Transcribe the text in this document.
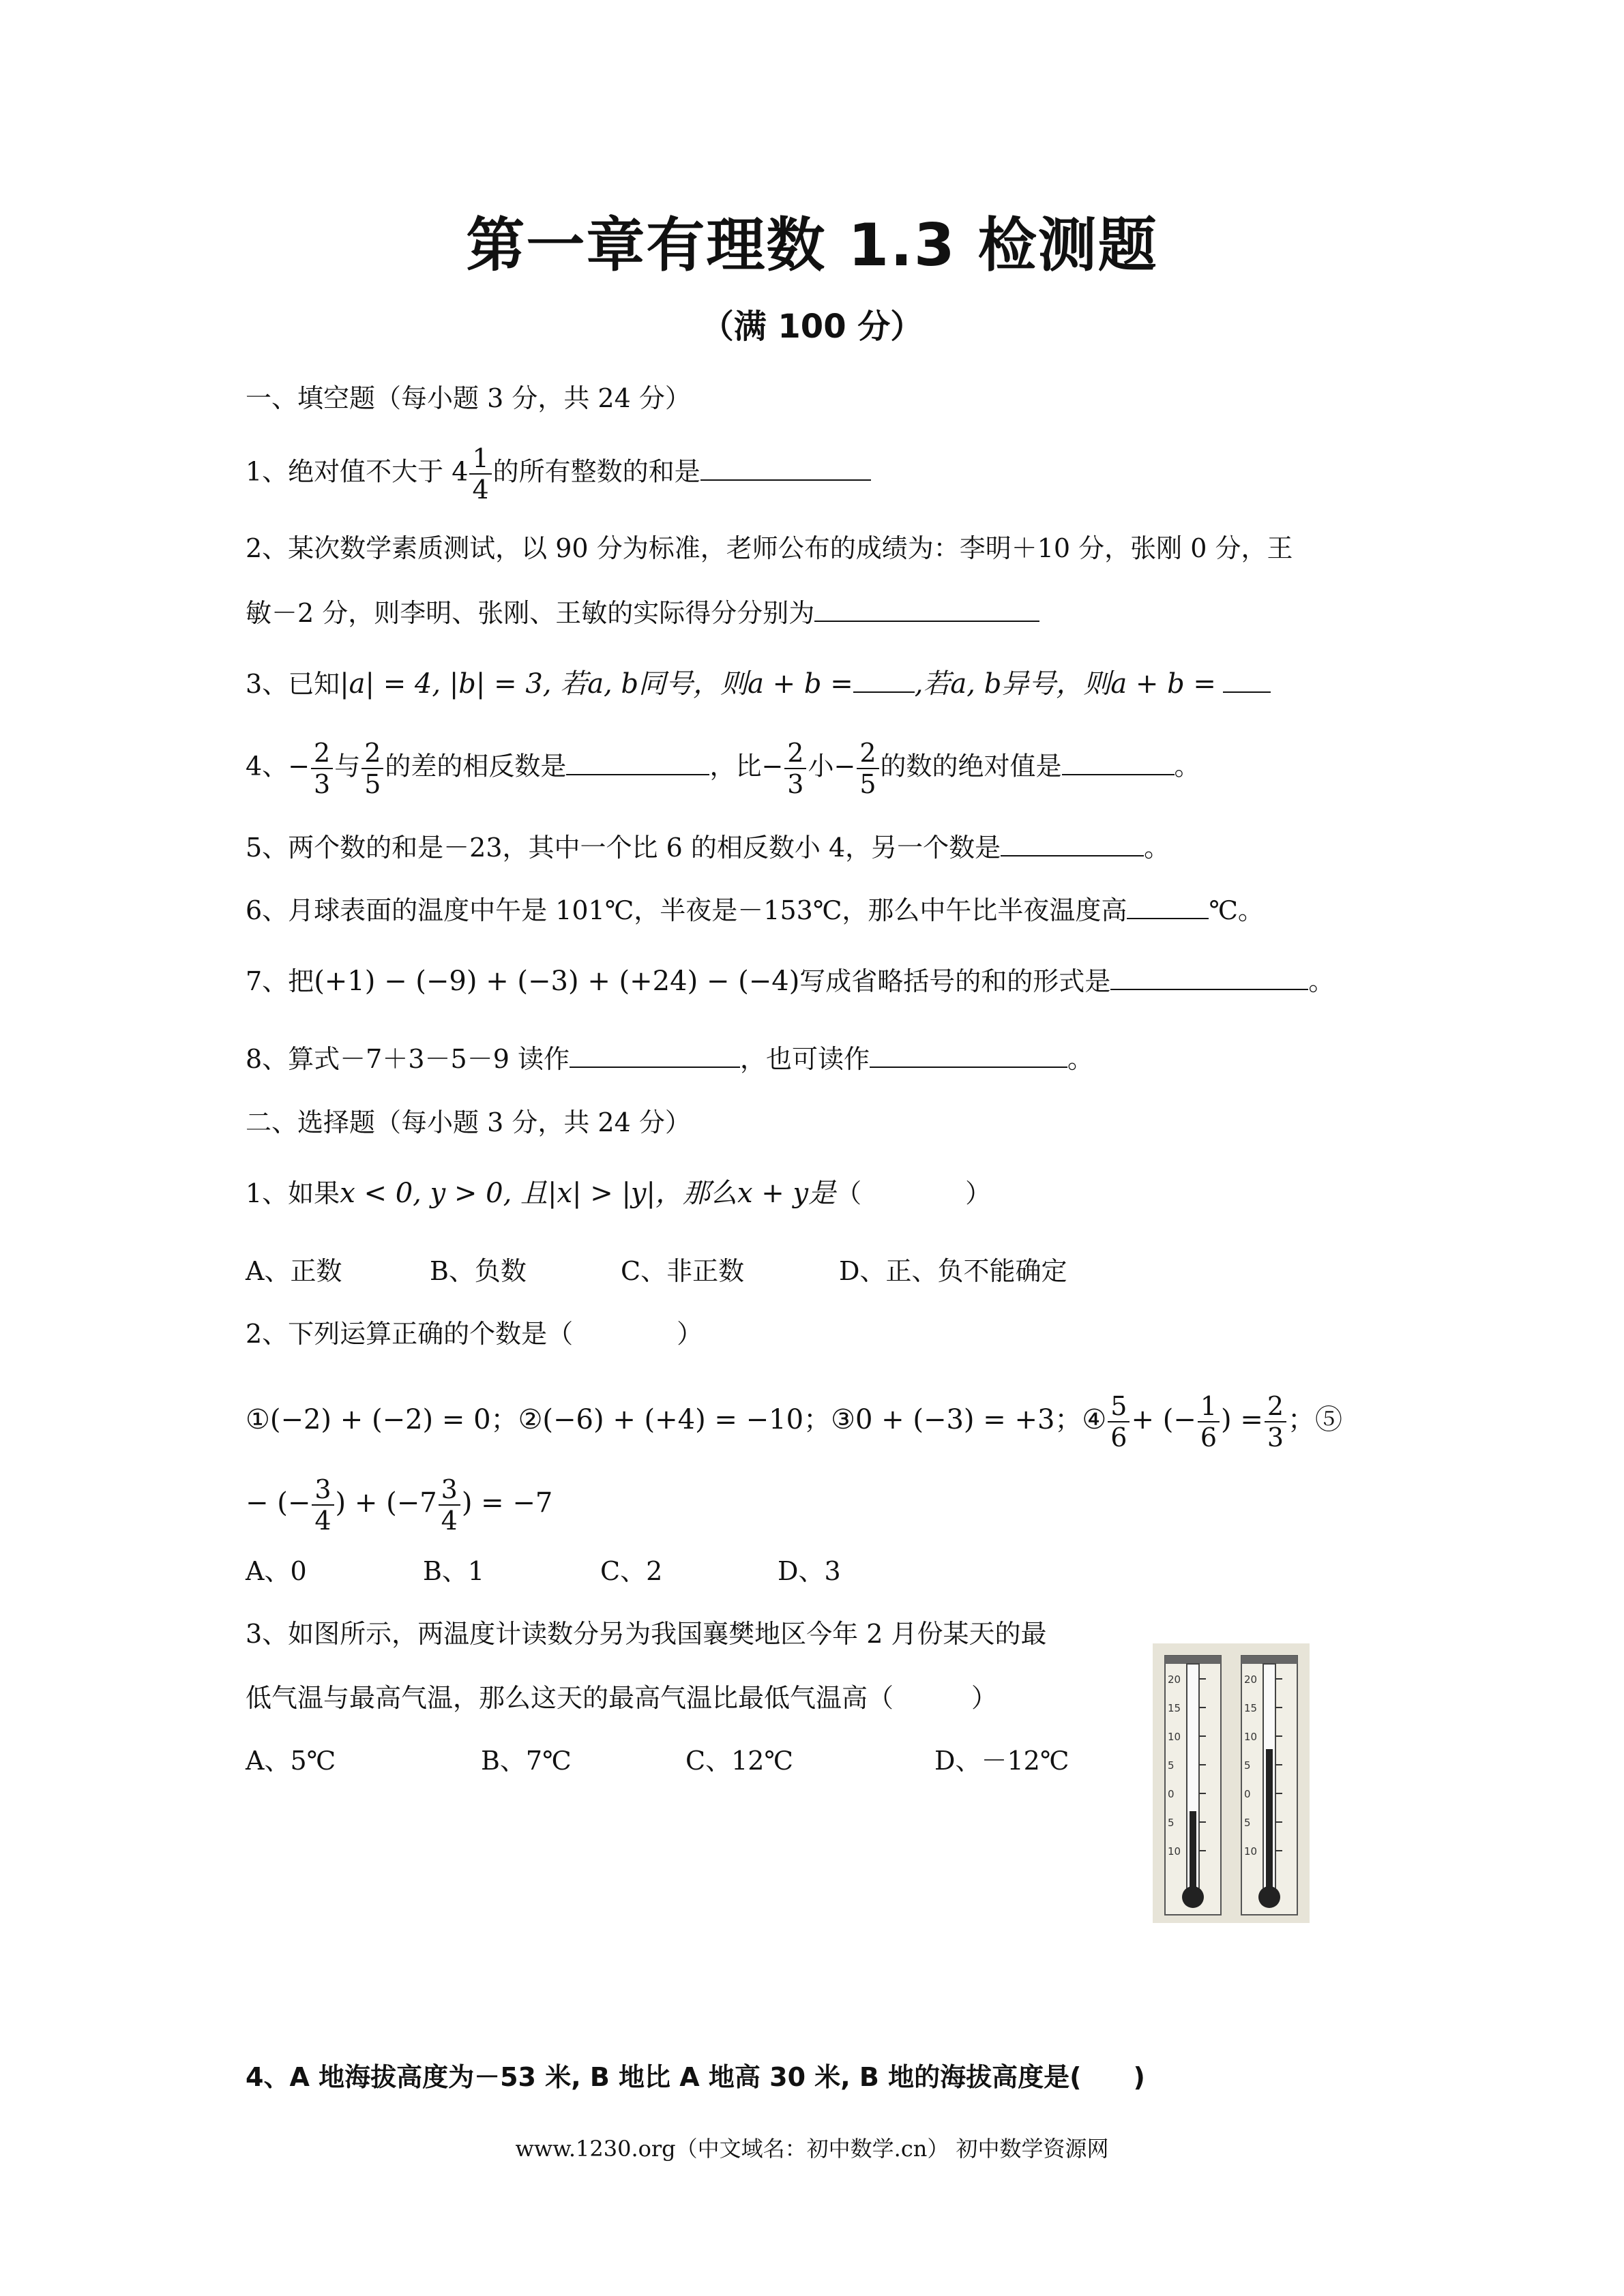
第一章有理数 1.3 检测题
（满 100 分）
一、填空题（每小题 3 分，共 24 分）
1、绝对值不大于 $4 \frac{1}{4}$ 的所有整数的和是
2、某次数学素质测试，以 90 分为标准，老师公布的成绩为：李明＋10 分，张刚 0 分，王
敏－2 分，则李明、张刚、王敏的实际得分分别为
3、已知|a| = 4, |b| = 3, 若a, b同号，则a + b = ,若a, b异号，则a + b =
4、− $\frac{2}{3}$ 与 $\frac{2}{5}$ 的差的相反数是	，比− $\frac{2}{3}$ 小− $\frac{2}{5}$ 的数的绝对值是	。
5、两个数的和是－23，其中一个比 6 的相反数小 4，另一个数是	。
6、月球表面的温度中午是 101℃，半夜是－153℃，那么中午比半夜温度高	℃。
7、把(+1) − (−9) + (−3) + (+24) − (−4)写成省略括号的和的形式是	。
8、算式－7＋3－5－9 读作	，也可读作	。
二、选择题（每小题 3 分，共 24 分）
1、如果x < 0, y > 0, 且|x| > |y|，那么x + y是（　　　　）
A、正数	B、负数	C、非正数	D、正、负不能确定
2、下列运算正确的个数是（　　　　）
①(−2) + (−2) = 0；②(−6) + (+4) = −10；③0 + (−3) = +3；④ $\frac{5}{6}$ + (− $\frac{1}{6}$ ) = $\frac{2}{3}$ ；⑤
− (− $\frac{3}{4}$ ) + ($-7 \frac{3}{4}$ ) = −7
A、0	B、1	C、2	D、3
3、如图所示，两温度计读数分另为我国襄樊地区今年 2 月份某天的最
低气温与最高气温，那么这天的最高气温比最低气温高（　　　）
A、5℃	B、7℃	C、12℃	D、－12℃
20
15
10
5
0
5
10
20
15
10
5
0
5
10
4、A 地海拔高度为－53 米, B 地比 A 地高 30 米, B 地的海拔高度是(　　)
www.1230.org（中文域名：初中数学.cn） 初中数学资源网
